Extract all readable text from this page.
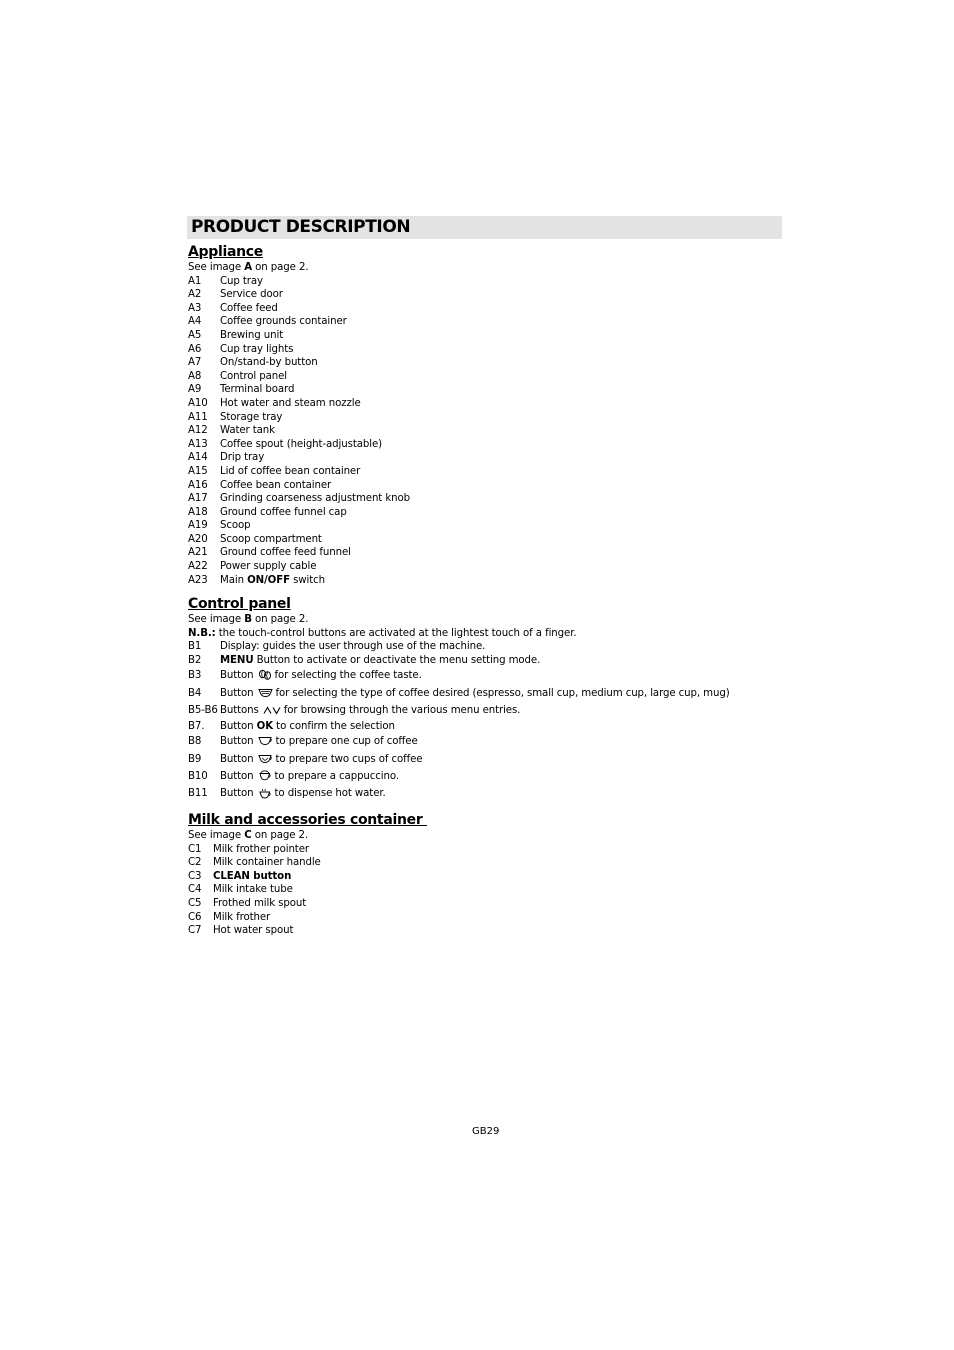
PRODUCT DESCRIPTION
Appliance
See image A on page 2.
A1 Cup tray
A2 Service door
A3 Coffee feed
A4 Coffee grounds container
A5 Brewing unit
A6 Cup tray lights
A7 On/stand-by button
A8 Control panel
A9 Terminal board
A10 Hot water and steam nozzle
A11 Storage tray
A12 Water tank
A13 Coffee spout (height-adjustable)
A14 Drip tray
A15 Lid of coffee bean container
A16 Coffee bean container
A17 Grinding coarseness adjustment knob
A18 Ground coffee funnel cap
A19 Scoop
A20 Scoop compartment
A21 Ground coffee feed funnel
A22 Power supply cable
A23 Main ON/OFF switch
Control panel
See image B on page 2.
N.B.: the touch-control buttons are activated at the lightest touch of a finger.
B1 Display: guides the user through use of the machine.
B2 MENU Button to activate or deactivate the menu setting mode.
B3 Button for selecting the coffee taste.
B4 Button for selecting the type of coffee desired (espresso, small cup, medium cup, large cup, mug)
B5-B6 Buttons for browsing through the various menu entries.
B7. Button OK to confirm the selection
B8 Button to prepare one cup of coffee
B9 Button to prepare two cups of coffee
B10 Button to prepare a cappuccino.
B11 Button to dispense hot water.
Milk and accessories container
See image C on page 2.
C1 Milk frother pointer
C2 Milk container handle
C3 CLEAN button
C4 Milk intake tube
C5 Frothed milk spout
C6 Milk frother
C7 Hot water spout
GB29
